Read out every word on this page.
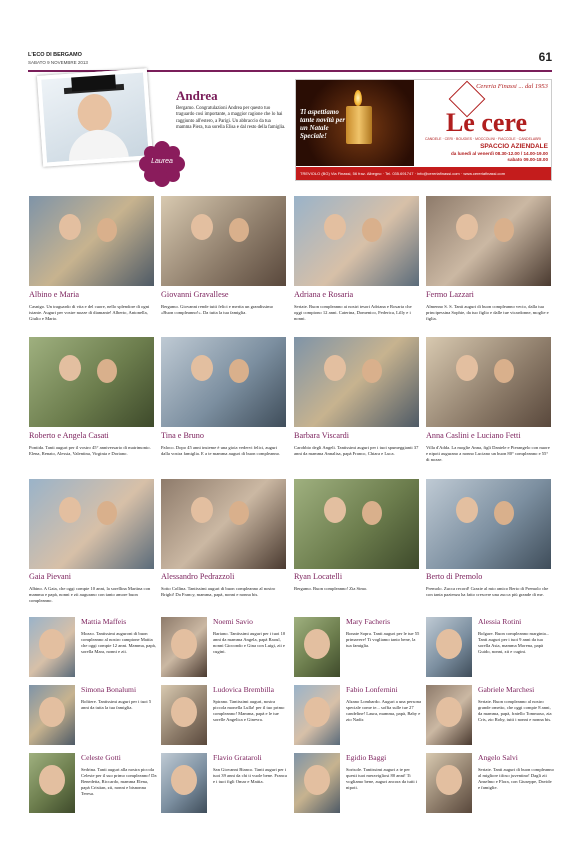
L'ECO DI BERGAMO
SABATO 9 NOVEMBRE 2013	61
Laurea
Andrea
Bergamo. Congratulazioni Andrea per questo tuo traguardo così importante, a maggior ragione che lo hai raggiunto all'estero, a Parigi. Un abbraccio da tua mamma Piera, tua sorella Elisa e dal resto della famiglia.
Ti aspettiamo tante novità per un Natale Speciale!
Cereria Finassi ... dal 1953
Le cere
CANDELE · CERI · BOUGIES · MOCCOLINI · FIACCOLE · CANDELABRI
SPACCIO AZIENDALE
da lunedì al venerdì 08.30-12.00 / 14.00-19.00
sabato 09.00-18.00
TREVIOLO (BG) Via Finassi, 56 fraz. Albegno · Tel. 035.691747 · info@cereriafinassi.com · www.cereriafinassi.com
Albino e Maria
Casnigo. Un traguardo di vita e del cuore, nello splendore di ogni istante. Auguri per vostre nozze di diamante! Alberto, Antonella, Giulio e Mario.
Giovanni Gravallese
Bergamo. Giovanni rende tutti felici e merita un grandissimo «Buon compleanno!». Da tutta la tua famiglia.
Adriana e Rosaria
Seriate. Buon compleanno ai nostri tesori Adriana e Rosaria che oggi compiono 12 anni. Caterina, Domenico, Federica, Lilly e i nonni.
Fermo Lazzari
Almenno S. S. Tanti auguri di buon compleanno vecio, dalla tua principessina Sophie, da tuo figlio e dalle tue vicardonne, moglie e figlia.
Roberto e Angela Casati
Pontida. Tanti auguri per il vostro 45° anniversario di matrimonio. Elena, Renato, Alessia, Valentina, Virginia e Doriano.
Tina e Bruno
Paloco. Dopo 45 anni insieme è una gioia vedervi felici, auguri dalla vostra famiglia. E a te mamma auguri di buon compleanno.
Barbara Viscardi
Carobbio degli Angeli. Tantissimi auguri per i tuoi spumeggianti 37 anni da mamma Annalisa, papà Franco, Chiara e Luca.
Anna Caslini e Luciano Fetti
Villa d'Adda. La moglie Anna, figli Daniele e Pierangelo con nuore e nipoti augurano a nonno Luciano un buon 80° compleanno e 55° di nozze.
Gaia Pievani
Albino. A Gaia, che oggi compie 10 anni, la sorellina Martina con mamma e papà, nonni e zii augurano con tanto amore buon compleanno.
Alessandro Pedrazzoli
Sotto Collina. Tantissimi auguri di buon compleanno al nostro Brighi! Da Francy, mamma, papà, nonni e nonna bis.
Ryan Locatelli
Bergamo. Buon compleanno! Zia Simo.
Berto di Premolo
Premolo. Zucca record! Grazie al mio amico Berto di Premolo che con tanta pazienza ha fatto crescere una zucca più grande di me.
Mattia Maffeis
Mozzo. Tantissimi auguroni di buon compleanno al nostro campione Mattia che oggi compie 12 anni. Mamma, papà, sorella Mara, nonni e zii.
Noemi Savio
Bariano. Tantissimi auguri per i tuoi 10 anni da mamma Angela, papà Raoul, nonni Giocondo e Gina con Luigi, zii e cugini.
Mary Facheris
Bonate Sopra. Tanti auguri per le tue 55 primavere! Ti vogliamo tanto bene, la tua famiglia.
Alessia Rotini
Bolgare. Buon compleanno marginta... Tanti auguri per i tuoi 9 anni da tua sorella Asia, mamma Morena, papà Guido, nonni, zii e cugini.
Simona Bonalumi
Boltiere. Tantissimi auguri per i tuoi 5 anni da tutta la tua famiglia.
Ludovica Brembilla
Spirano. Tantissimi auguri, nostra piccola monella Lulla! per il tuo primo compleanno! Mamma, papà e le tue sorelle Angelica e Ginevra.
Fabio Lonfernini
Alzano Lombardo. Auguri a una persona speciale come te... soffia sulle tue 27 candeline! Laura, mamma, papà, Baby e zio Nadir.
Gabriele Marchesi
Seriate. Buon compleanno al nostro grande ometto, che oggi compie 8 anni, da mamma, papà, fratello Tommaso, zia Cris, zio Roby, tutti i nonni e nonna bis.
Celeste Gotti
Sedrina. Tanti auguri alla nostra piccola Celeste per il suo primo compleanno! Da Benedetta, Riccardo, mamma Elena, papà Cristian, zii, nonni e bisnonna Teresa.
Flavio Grataroli
San Giovanni Bianco. Tanti auguri per i tuoi 39 anni da chi ti vuole bene. Franca e i tuoi figli Omar e Mattia.
Egidio Baggi
Sorisole. Tantissimi auguri a te per questi tuoi meravigliosi 80 anni! Ti vogliamo bene, auguri ancora da tutti i nipoti.
Angelo Salvi
Seriate. Tanti auguri di buon compleanno al migliore tifoso juventino! Dagli zii Anselmo e Flora, con Giuseppe, Davide e famiglie.
